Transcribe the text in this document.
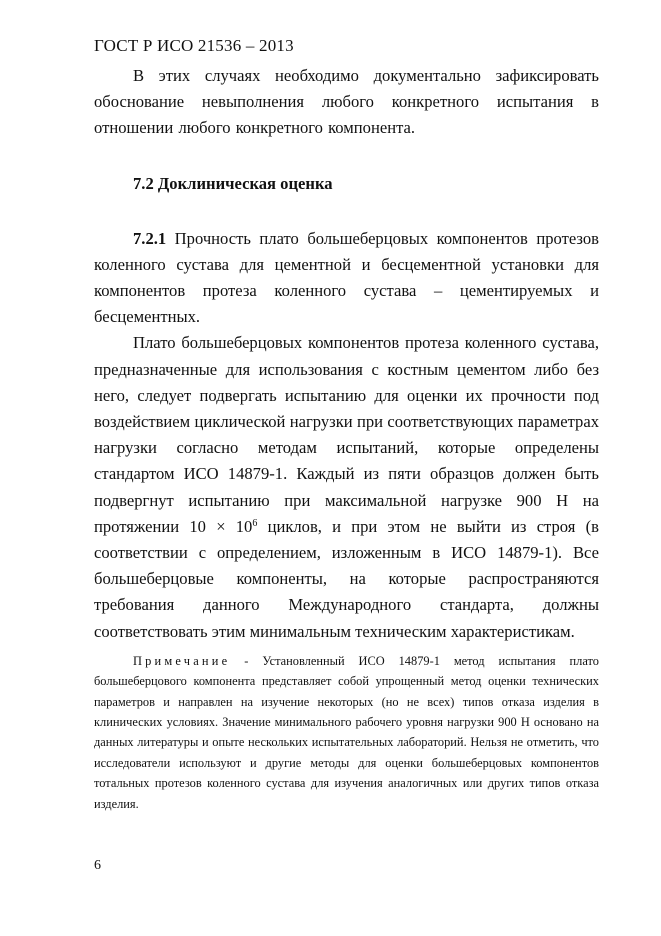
ГОСТ Р ИСО 21536 – 2013

В этих случаях необходимо документально зафиксировать обоснование невыполнения любого конкретного испытания в отношении любого конкретного компонента.

7.2 Доклиническая оценка

7.2.1 Прочность плато большеберцовых компонентов протезов коленного сустава для цементной и бесцементной установки для компонентов протеза коленного сустава – цементируемых и бесцементных.

Плато большеберцовых компонентов протеза коленного сустава, предназначенные для использования с костным цементом либо без него, следует подвергать испытанию для оценки их прочности под воздействием циклической нагрузки при соответствующих параметрах нагрузки согласно методам испытаний, которые определены стандартом ИСО 14879-1. Каждый из пяти образцов должен быть подвергнут испытанию при максимальной нагрузке 900 Н на протяжении $10 \times 10^6$ циклов, и при этом не выйти из строя (в соответствии с определением, изложенным в ИСО 14879-1). Все большеберцовые компоненты, на которые распространяются требования данного Международного стандарта, должны соответствовать этим минимальным техническим характеристикам.

Примечание - Установленный ИСО 14879-1 метод испытания плато большеберцового компонента представляет собой упрощенный метод оценки технических параметров и направлен на изучение некоторых (но не всех) типов отказа изделия в клинических условиях. Значение минимального рабочего уровня нагрузки 900 Н основано на данных литературы и опыте нескольких испытательных лабораторий. Нельзя не отметить, что исследователи используют и другие методы для оценки большеберцовых компонентов тотальных протезов коленного сустава для изучения аналогичных или других типов отказа изделия.

6
